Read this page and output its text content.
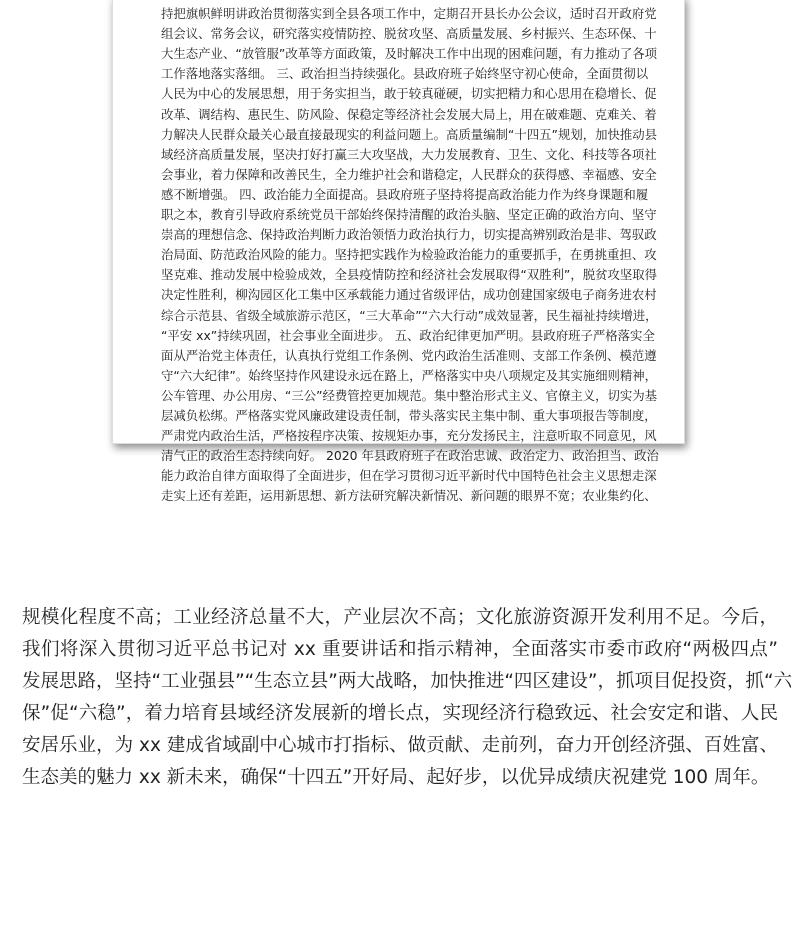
持把旗帜鲜明讲政治贯彻落实到全县各项工作中，定期召开县长办公会议，适时召开政府党
组会议、常务会议，研究落实疫情防控、脱贫攻坚、高质量发展、乡村振兴、生态环保、十
大生态产业、“放管服”改革等方面政策，及时解决工作中出现的困难问题，有力推动了各项
工作落地落实落细。 三、政治担当持续强化。县政府班子始终坚守初心使命，全面贯彻以
人民为中心的发展思想，用于务实担当，敢于较真碰硬，切实把精力和心思用在稳增长、促
改革、调结构、惠民生、防风险、保稳定等经济社会发展大局上，用在破难题、克难关、着
力解决人民群众最关心最直接最现实的利益问题上。高质量编制“十四五”规划，加快推动县
域经济高质量发展，坚决打好打赢三大攻坚战，大力发展教育、卫生、文化、科技等各项社
会事业，着力保障和改善民生，全力维护社会和谐稳定，人民群众的获得感、幸福感、安全
感不断增强。 四、政治能力全面提高。县政府班子坚持将提高政治能力作为终身课题和履
职之本，教育引导政府系统党员干部始终保持清醒的政治头脑、坚定正确的政治方向、坚守
崇高的理想信念、保持政治判断力政治领悟力政治执行力，切实提高辨别政治是非、驾驭政
治局面、防范政治风险的能力。坚持把实践作为检验政治能力的重要抓手，在勇挑重担、攻
坚克难、推动发展中检验成效，全县疫情防控和经济社会发展取得“双胜利”，脱贫攻坚取得
决定性胜利，柳沟园区化工集中区承载能力通过省级评估，成功创建国家级电子商务进农村
综合示范县、省级全域旅游示范区，“三大革命”“六大行动”成效显著，民生福祉持续增进，
“平安 xx”持续巩固，社会事业全面进步。 五、政治纪律更加严明。县政府班子严格落实全
面从严治党主体责任，认真执行党组工作条例、党内政治生活准则、支部工作条例、模范遵
守“六大纪律”。始终坚持作风建设永远在路上，严格落实中央八项规定及其实施细则精神，
公车管理、办公用房、“三公”经费管控更加规范。集中整治形式主义、官僚主义，切实为基
层减负松绑。严格落实党风廉政建设责任制，带头落实民主集中制、重大事项报告等制度，
严肃党内政治生活，严格按程序决策、按规矩办事，充分发扬民主，注意听取不同意见，风
清气正的政治生态持续向好。 2020 年县政府班子在政治忠诚、政治定力、政治担当、政治
能力政治自律方面取得了全面进步，但在学习贯彻习近平新时代中国特色社会主义思想走深
走实上还有差距，运用新思想、新方法研究解决新情况、新问题的眼界不宽；农业集约化、
规模化程度不高；工业经济总量不大，产业层次不高；文化旅游资源开发利用不足。今后，
我们将深入贯彻习近平总书记对 xx 重要讲话和指示精神，全面落实市委市政府“两极四点”
发展思路，坚持“工业强县”“生态立县”两大战略，加快推进“四区建设”，抓项目促投资，抓“六
保”促“六稳”，着力培育县域经济发展新的增长点，实现经济行稳致远、社会安定和谐、人民
安居乐业，为 xx 建成省域副中心城市打指标、做贡献、走前列，奋力开创经济强、百姓富、
生态美的魅力 xx 新未来，确保“十四五”开好局、起好步，以优异成绩庆祝建党 100 周年。
